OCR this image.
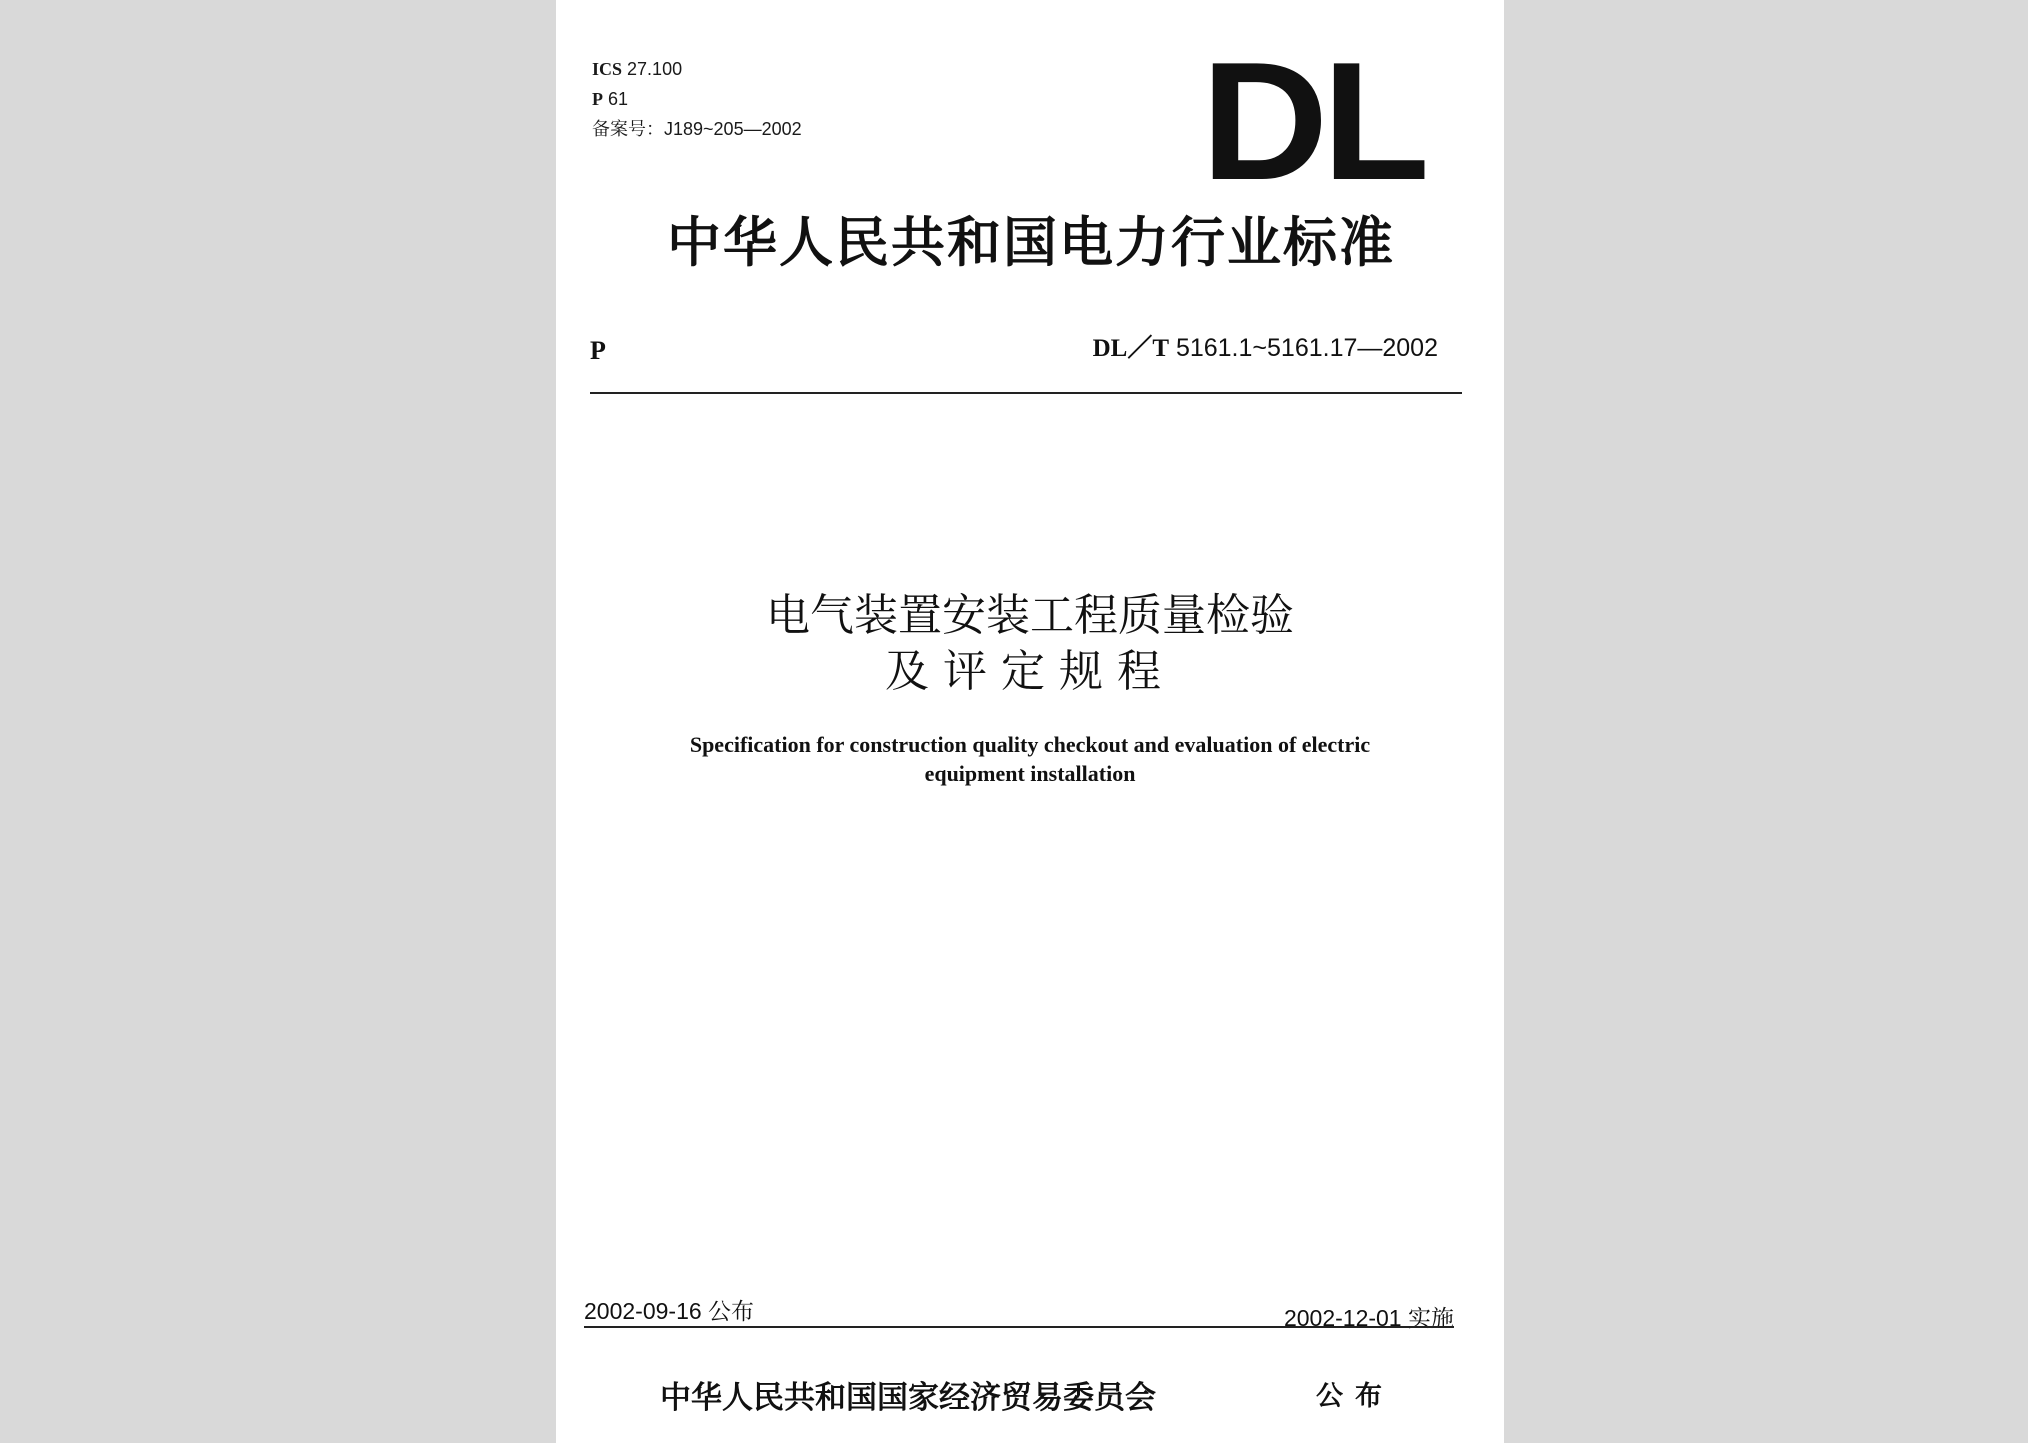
ICS 27.100
P 61
备案号：J189~205—2002 DL
中华人民共和国电力行业标准
P	DL／T 5161.1~5161.17—2002
电气装置安装工程质量检验
及评定规程
Specification for construction quality checkout and evaluation of electric
equipment installation
2002-09-16 公布	2002-12-01 实施
中华人民共和国国家经济贸易委员会	公布
